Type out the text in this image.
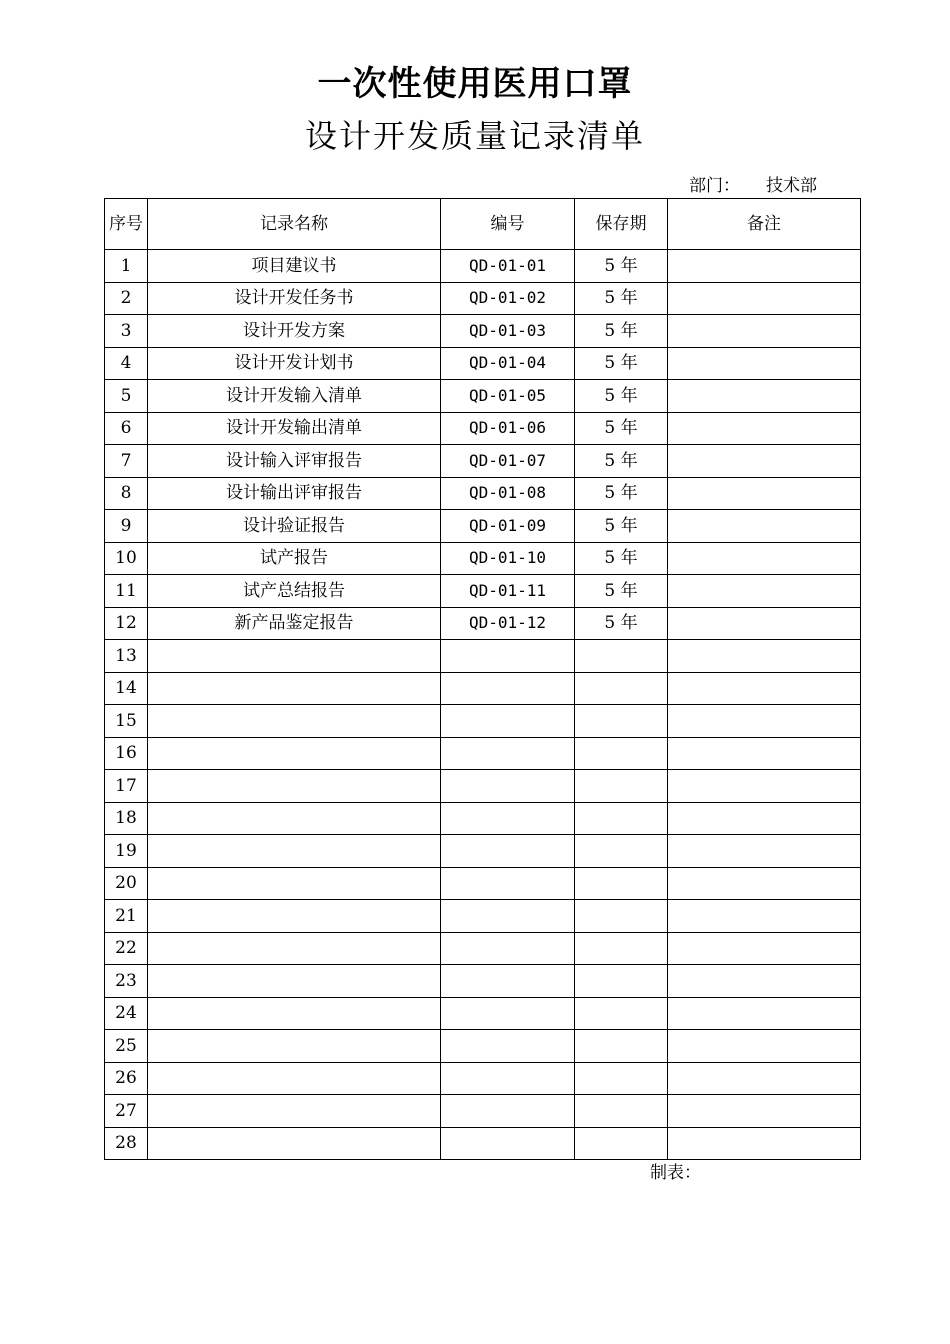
一次性使用医用口罩
设计开发质量记录清单
部门： 技术部
序号	记录名称	编号	保存期	备注
1	项目建议书	QD-01-01	5 年	
2	设计开发任务书	QD-01-02	5 年	
3	设计开发方案	QD-01-03	5 年	
4	设计开发计划书	QD-01-04	5 年	
5	设计开发输入清单	QD-01-05	5 年	
6	设计开发输出清单	QD-01-06	5 年	
7	设计输入评审报告	QD-01-07	5 年	
8	设计输出评审报告	QD-01-08	5 年	
9	设计验证报告	QD-01-09	5 年	
10	试产报告	QD-01-10	5 年	
11	试产总结报告	QD-01-11	5 年	
12	新产品鉴定报告	QD-01-12	5 年	
13				
14				
15				
16				
17				
18				
19				
20				
21				
22				
23				
24				
25				
26				
27				
28				
制表：
